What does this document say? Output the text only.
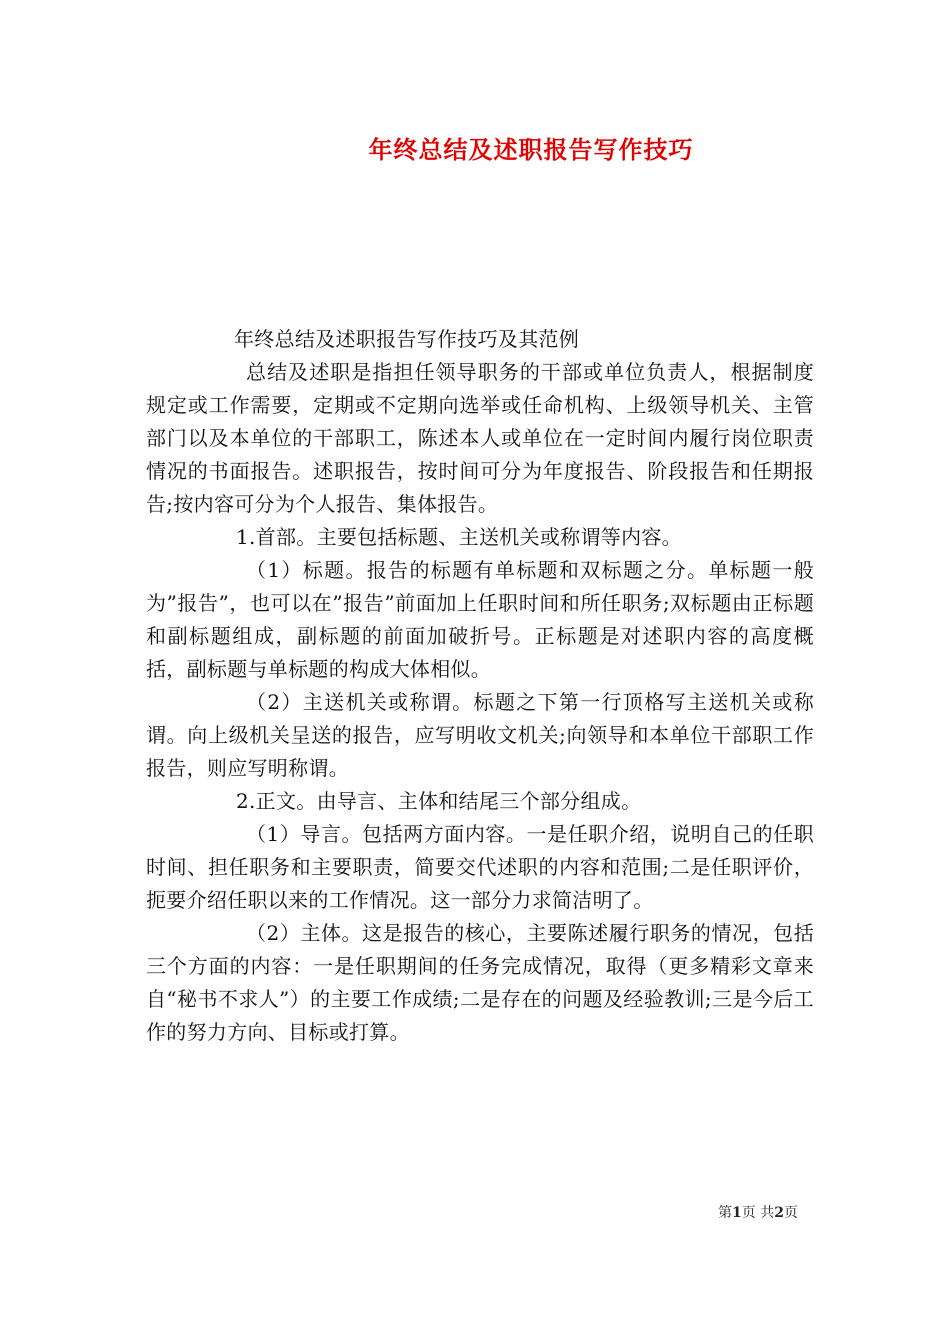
年终总结及述职报告写作技巧

年终总结及述职报告写作技巧及其范例

总结及述职是指担任领导职务的干部或单位负责人，根据制度规定或工作需要，定期或不定期向选举或任命机构、上级领导机关、主管部门以及本单位的干部职工，陈述本人或单位在一定时间内履行岗位职责情况的书面报告。述职报告，按时间可分为年度报告、阶段报告和任期报告;按内容可分为个人报告、集体报告。

1.首部。主要包括标题、主送机关或称谓等内容。

（1）标题。报告的标题有单标题和双标题之分。单标题一般为”报告”，也可以在”报告”前面加上任职时间和所任职务;双标题由正标题和副标题组成，副标题的前面加破折号。正标题是对述职内容的高度概括，副标题与单标题的构成大体相似。

（2）主送机关或称谓。标题之下第一行顶格写主送机关或称谓。向上级机关呈送的报告，应写明收文机关;向领导和本单位干部职工作报告，则应写明称谓。

2.正文。由导言、主体和结尾三个部分组成。

（1）导言。包括两方面内容。一是任职介绍，说明自己的任职时间、担任职务和主要职责，简要交代述职的内容和范围;二是任职评价，扼要介绍任职以来的工作情况。这一部分力求简洁明了。

（2）主体。这是报告的核心，主要陈述履行职务的情况，包括三个方面的内容：一是任职期间的任务完成情况，取得（更多精彩文章来自“秘书不求人”）的主要工作成绩;二是存在的问题及经验教训;三是今后工作的努力方向、目标或打算。

第1页 共2页
